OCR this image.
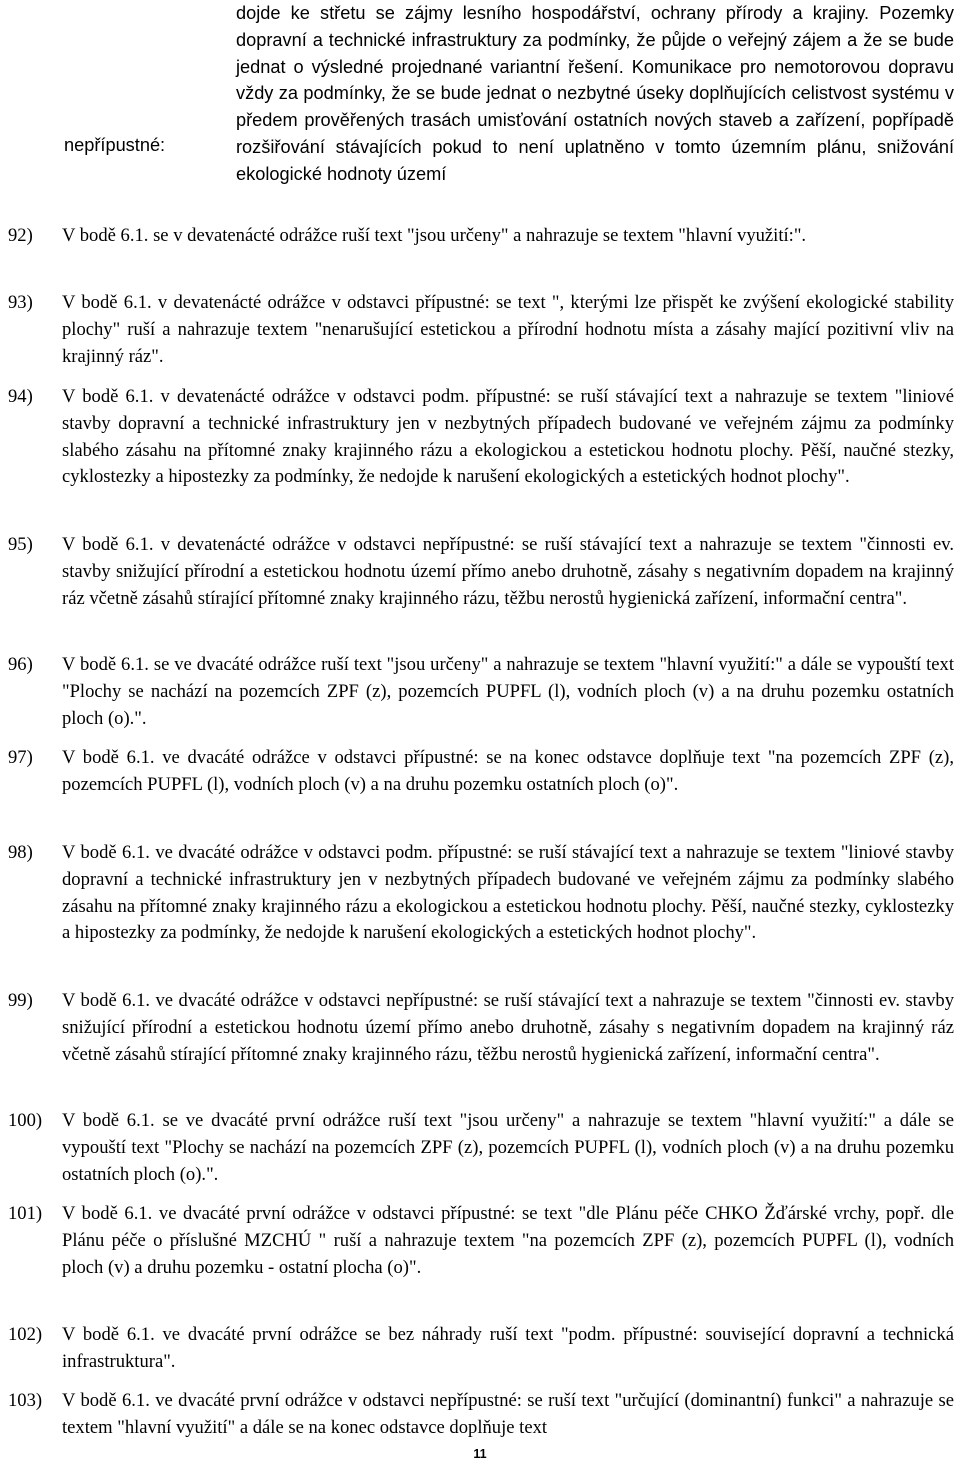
nepřípustné:

dojde ke střetu se zájmy lesního hospodářství, ochrany přírody a krajiny. Pozemky dopravní a technické infrastruktury za podmínky, že půjde o veřejný zájem a že se bude jednat o výsledné projednané variantní řešení. Komunikace pro nemotorovou dopravu vždy za podmínky, že se bude jednat o nezbytné úseky doplňujících celistvost systému v předem prověřených trasách umisťování ostatních nových staveb a zařízení, popřípadě rozšiřování stávajících pokud to není uplatněno v tomto územním plánu, snižování ekologické hodnoty území

92)	V bodě 6.1. se v devatenácté odrážce ruší text "jsou určeny" a nahrazuje se textem "hlavní využití:".

93)	V bodě 6.1. v devatenácté odrážce v odstavci přípustné: se text ", kterými lze přispět ke zvýšení ekologické stability plochy" ruší a nahrazuje textem "nenarušující estetickou a přírodní hodnotu místa a zásahy mající pozitivní vliv na krajinný ráz".

94)	V bodě 6.1. v devatenácté odrážce v odstavci podm. přípustné: se ruší stávající text a nahrazuje se textem "liniové stavby dopravní a technické infrastruktury jen v nezbytných případech budované ve veřejném zájmu za podmínky slabého zásahu na přítomné znaky krajinného rázu a ekologickou a estetickou hodnotu plochy. Pěší, naučné stezky, cyklostezky a hipostezky za podmínky, že nedojde k narušení ekologických a estetických hodnot plochy".

95)	V bodě 6.1. v devatenácté odrážce v odstavci nepřípustné: se ruší stávající text a nahrazuje se textem "činnosti ev. stavby snižující přírodní a estetickou hodnotu území přímo anebo druhotně, zásahy s negativním dopadem na krajinný ráz včetně zásahů stírající přítomné znaky krajinného rázu, těžbu nerostů hygienická zařízení, informační centra".

96)	V bodě 6.1. se ve dvacáté odrážce ruší text "jsou určeny" a nahrazuje se textem "hlavní využití:" a dále se vypouští text "Plochy se nachází na pozemcích ZPF (z), pozemcích PUPFL (l), vodních ploch (v) a na druhu pozemku ostatních ploch (o).".

97)	V bodě 6.1. ve dvacáté odrážce v odstavci přípustné: se na konec odstavce doplňuje text "na pozemcích ZPF (z), pozemcích PUPFL (l), vodních ploch (v) a na druhu pozemku ostatních ploch (o)".

98)	V bodě 6.1. ve dvacáté odrážce v odstavci podm. přípustné: se ruší stávající text a nahrazuje se textem "liniové stavby dopravní a technické infrastruktury jen v nezbytných případech budované ve veřejném zájmu za podmínky slabého zásahu na přítomné znaky krajinného rázu a ekologickou a estetickou hodnotu plochy. Pěší, naučné stezky, cyklostezky a hipostezky za podmínky, že nedojde k narušení ekologických a estetických hodnot plochy".

99)	V bodě 6.1. ve dvacáté odrážce v odstavci nepřípustné: se ruší stávající text a nahrazuje se textem "činnosti ev. stavby snižující přírodní a estetickou hodnotu území přímo anebo druhotně, zásahy s negativním dopadem na krajinný ráz včetně zásahů stírající přítomné znaky krajinného rázu, těžbu nerostů hygienická zařízení, informační centra".

100)	V bodě 6.1. se ve dvacáté první odrážce ruší text "jsou určeny" a nahrazuje se textem "hlavní využití:" a dále se vypouští text "Plochy se nachází na pozemcích ZPF (z), pozemcích PUPFL (l), vodních ploch (v) a na druhu pozemku ostatních ploch (o).".

101)	V bodě 6.1. ve dvacáté první odrážce v odstavci přípustné: se text "dle Plánu péče CHKO Žďárské vrchy, popř. dle Plánu péče o příslušné MZCHÚ " ruší a nahrazuje textem "na pozemcích ZPF (z), pozemcích PUPFL (l), vodních ploch (v) a druhu pozemku - ostatní plocha (o)".

102)	V bodě 6.1. ve dvacáté první odrážce se bez náhrady ruší text "podm. přípustné: související dopravní a technická infrastruktura".

103)	V bodě 6.1. ve dvacáté první odrážce v odstavci nepřípustné: se ruší text "určující (dominantní) funkci" a nahrazuje se textem "hlavní využití" a dále se na konec odstavce doplňuje text

11
